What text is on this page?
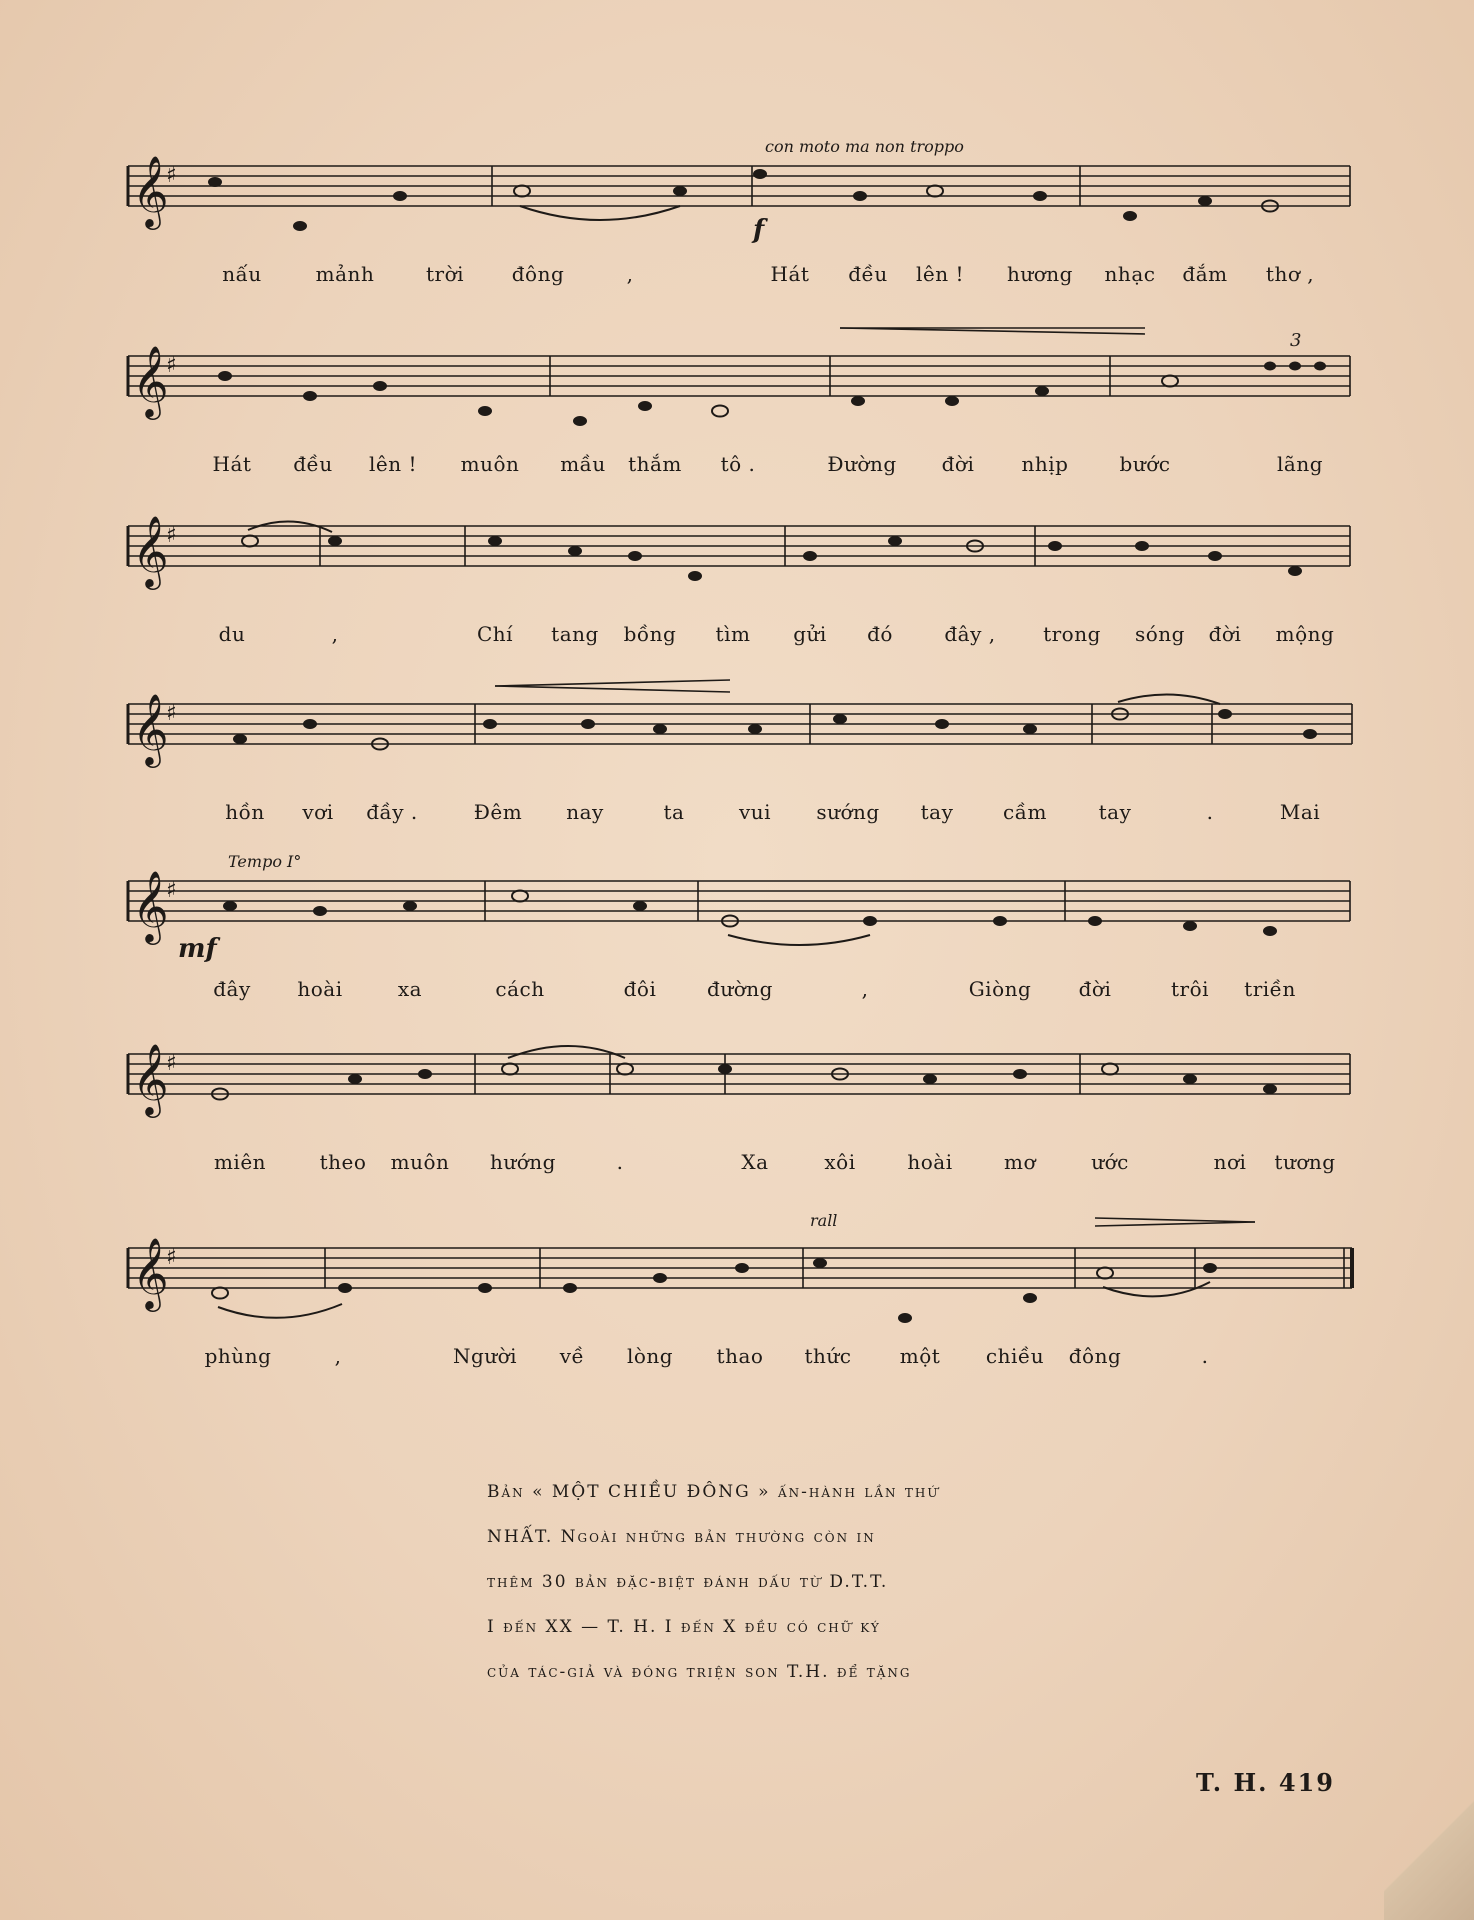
𝄞
♯
con moto ma non troppo
f
nấu	mảnh	trời đông	,	Hát đều lên ! hương nhạc đắm thơ ,
𝄞
♯
3
Hát đều lên ! muôn mầu thắm tô .	Đường đời nhịp	bước	lãng
𝄞
♯
du	,	Chí tang bồng tìm gửi đó	đây , trong sóng đời mộng
𝄞
♯
hồn vơi đầy .	Đêm nay	ta	vui sướng tay cầm	tay	.	Mai
𝄞
♯
Tempo I°
mf
đây hoài	xa	cách	đôi	đường	,	Giòng đời	trôi triền
𝄞
♯
miên	theo muôn hướng	.	Xa	xôi	hoài	mơ	ước	nơi tương
𝄞
♯
rall
phùng	,	Người về lòng thao thức một chiều đông	.

Bản « MỘT CHIỀU ĐÔNG » ấn-hành lần thứ

NHẤT. Ngoài những bản thường còn in

thêm 30 bản đặc-biệt đánh dấu từ D.T.T.

I đến XX — T. H. I đến X đều có chữ ký

của tác-giả và đóng triện son T.H. để tặng

T. H. 419
